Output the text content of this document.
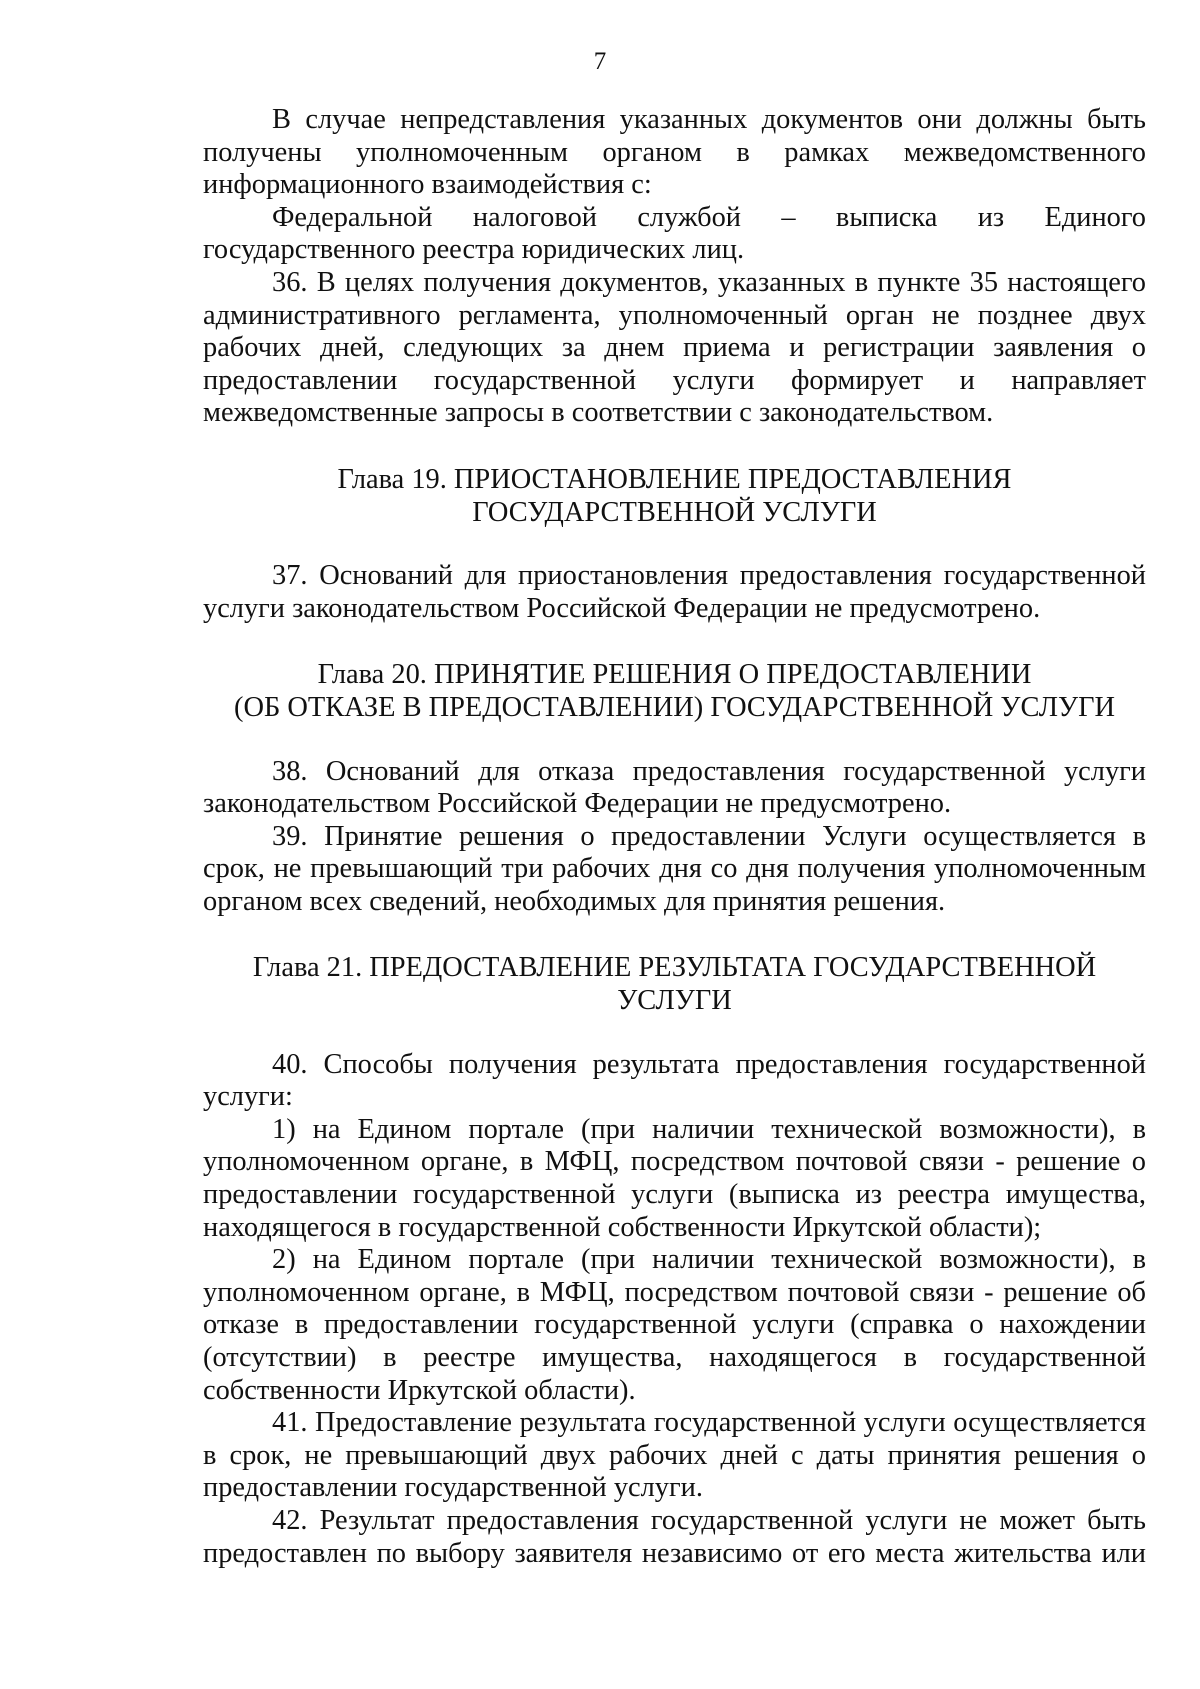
7

В случае непредставления указанных документов они должны быть получены уполномоченным органом в рамках межведомственного информационного взаимодействия с:

Федеральной налоговой службой – выписка из Единого государственного реестра юридических лиц.

36. В целях получения документов, указанных в пункте 35 настоящего административного регламента, уполномоченный орган не позднее двух рабочих дней, следующих за днем приема и регистрации заявления о предоставлении государственной услуги формирует и направляет межведомственные запросы в соответствии с законодательством.

Глава 19. ПРИОСТАНОВЛЕНИЕ ПРЕДОСТАВЛЕНИЯ
ГОСУДАРСТВЕННОЙ УСЛУГИ

37. Оснований для приостановления предоставления государственной услуги законодательством Российской Федерации не предусмотрено.

Глава 20. ПРИНЯТИЕ РЕШЕНИЯ О ПРЕДОСТАВЛЕНИИ
(ОБ ОТКАЗЕ В ПРЕДОСТАВЛЕНИИ) ГОСУДАРСТВЕННОЙ УСЛУГИ

38. Оснований для отказа предоставления государственной услуги законодательством Российской Федерации не предусмотрено.

39. Принятие решения о предоставлении Услуги осуществляется в срок, не превышающий три рабочих дня со дня получения уполномоченным органом всех сведений, необходимых для принятия решения.

Глава 21. ПРЕДОСТАВЛЕНИЕ РЕЗУЛЬТАТА ГОСУДАРСТВЕННОЙ
УСЛУГИ

40. Способы получения результата предоставления государственной услуги:

1) на Едином портале (при наличии технической возможности), в уполномоченном органе, в МФЦ, посредством почтовой связи - решение о предоставлении государственной услуги (выписка из реестра имущества, находящегося в государственной собственности Иркутской области);

2) на Едином портале (при наличии технической возможности), в уполномоченном органе, в МФЦ, посредством почтовой связи - решение об отказе в предоставлении государственной услуги (справка о нахождении (отсутствии) в реестре имущества, находящегося в государственной собственности Иркутской области).

41. Предоставление результата государственной услуги осуществляется в срок, не превышающий двух рабочих дней с даты принятия решения о предоставлении государственной услуги.

42. Результат предоставления государственной услуги не может быть предоставлен по выбору заявителя независимо от его места жительства или
